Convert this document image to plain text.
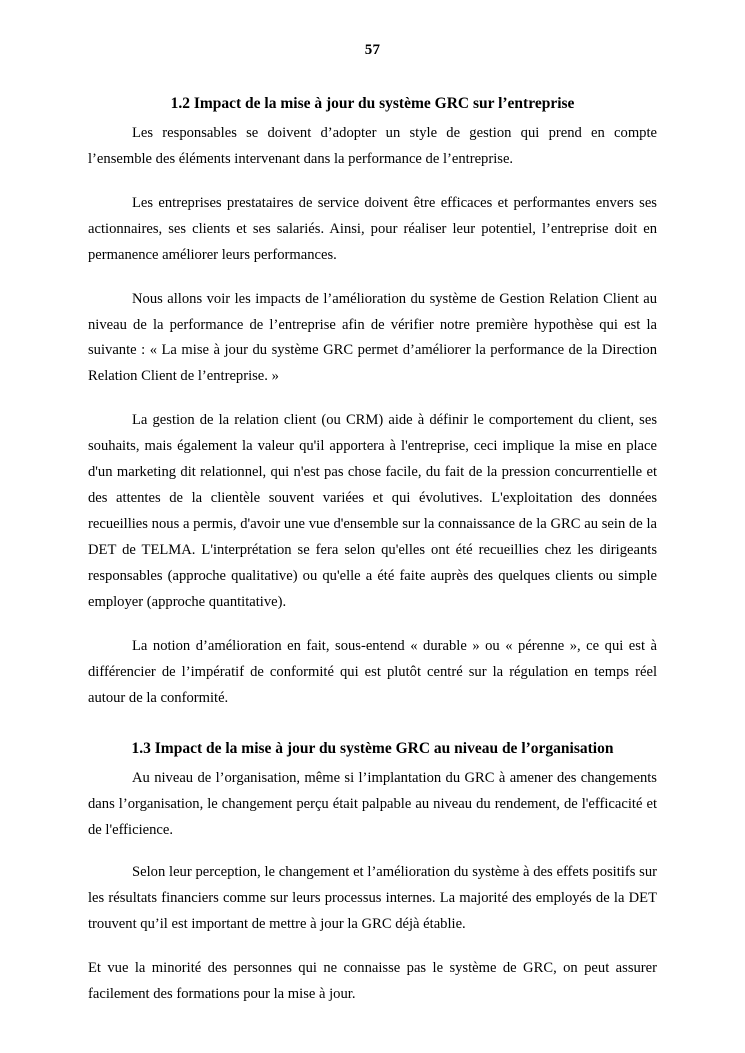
57
1.2 Impact de la mise à jour du système GRC sur l’entreprise

Les responsables se doivent d’adopter un style de gestion qui prend en compte l’ensemble des éléments intervenant dans la performance de l’entreprise.

Les entreprises prestataires de service doivent être efficaces et performantes envers ses actionnaires, ses clients et ses salariés. Ainsi, pour réaliser leur potentiel, l’entreprise doit en permanence améliorer leurs performances.

Nous allons voir les impacts de l’amélioration du système de Gestion Relation Client au niveau de la performance de l’entreprise afin de vérifier notre première hypothèse qui est la suivante : « La mise à jour du système GRC permet d’améliorer la performance de la Direction Relation Client de l’entreprise. »

La gestion de la relation client (ou CRM) aide à définir le comportement du client, ses souhaits, mais également la valeur qu'il apportera à l'entreprise, ceci implique la mise en place d'un marketing dit relationnel, qui n'est pas chose facile, du fait de la pression concurrentielle et des attentes de la clientèle souvent variées et qui évolutives. L'exploitation des données recueillies nous a permis, d'avoir une vue d'ensemble sur la connaissance de la GRC au sein de la DET de TELMA. L'interprétation se fera selon qu'elles ont été recueillies chez les dirigeants responsables (approche qualitative) ou qu'elle a été faite auprès des quelques clients ou simple employer (approche quantitative).

La notion d’amélioration en fait, sous-entend « durable » ou « pérenne », ce qui est à différencier de l’impératif de conformité qui est plutôt centré sur la régulation en temps réel autour de la conformité.

1.3 Impact de la mise à jour du système GRC au niveau de l’organisation

Au niveau de l’organisation, même si l’implantation du GRC à amener des changements dans l’organisation, le changement perçu était palpable au niveau du rendement, de l'efficacité et de l'efficience.

Selon leur perception, le changement et l’amélioration du système à des effets positifs sur les résultats financiers comme sur leurs processus internes. La majorité des employés de la DET trouvent qu’il est important de mettre à jour la GRC déjà établie.

Et vue la minorité des personnes qui ne connaisse pas le système de GRC, on peut assurer facilement des formations pour la mise à jour.
